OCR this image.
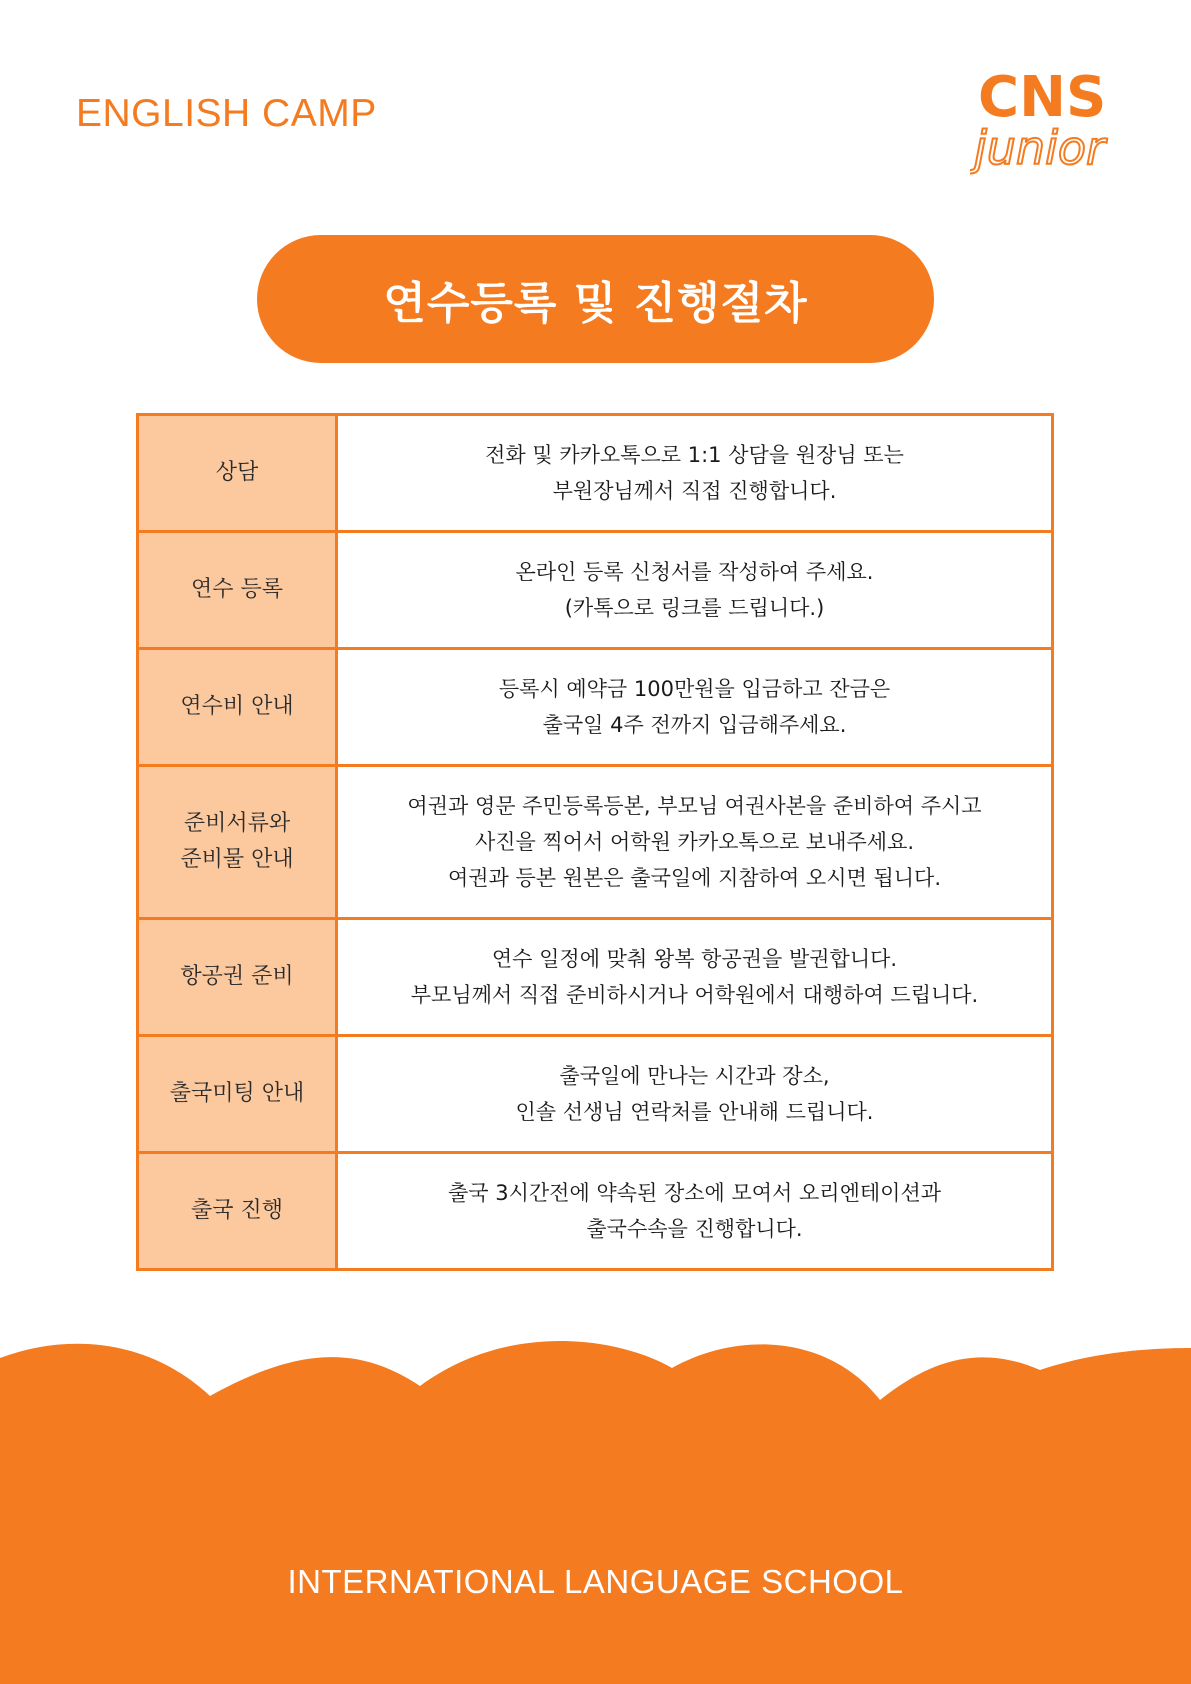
ENGLISH CAMP	CNS
junior
연수등록 및 진행절차
상담	전화 및 카카오톡으로 1:1 상담을 원장님 또는
부원장님께서 직접 진행합니다.

연수 등록	온라인 등록 신청서를 작성하여 주세요.
(카톡으로 링크를 드립니다.)

연수비 안내	등록시 예약금 100만원을 입금하고 잔금은
출국일 4주 전까지 입금해주세요.

준비서류와
준비물 안내	여권과 영문 주민등록등본, 부모님 여권사본을 준비하여 주시고
사진을 찍어서 어학원 카카오톡으로 보내주세요.
여권과 등본 원본은 출국일에 지참하여 오시면 됩니다.

항공권 준비	연수 일정에 맞춰 왕복 항공권을 발권합니다.
부모님께서 직접 준비하시거나 어학원에서 대행하여 드립니다.

출국미팅 안내	출국일에 만나는 시간과 장소,
인솔 선생님 연락처를 안내해 드립니다.

출국 진행	출국 3시간전에 약속된 장소에 모여서 오리엔테이션과
출국수속을 진행합니다.
INTERNATIONAL LANGUAGE SCHOOL
